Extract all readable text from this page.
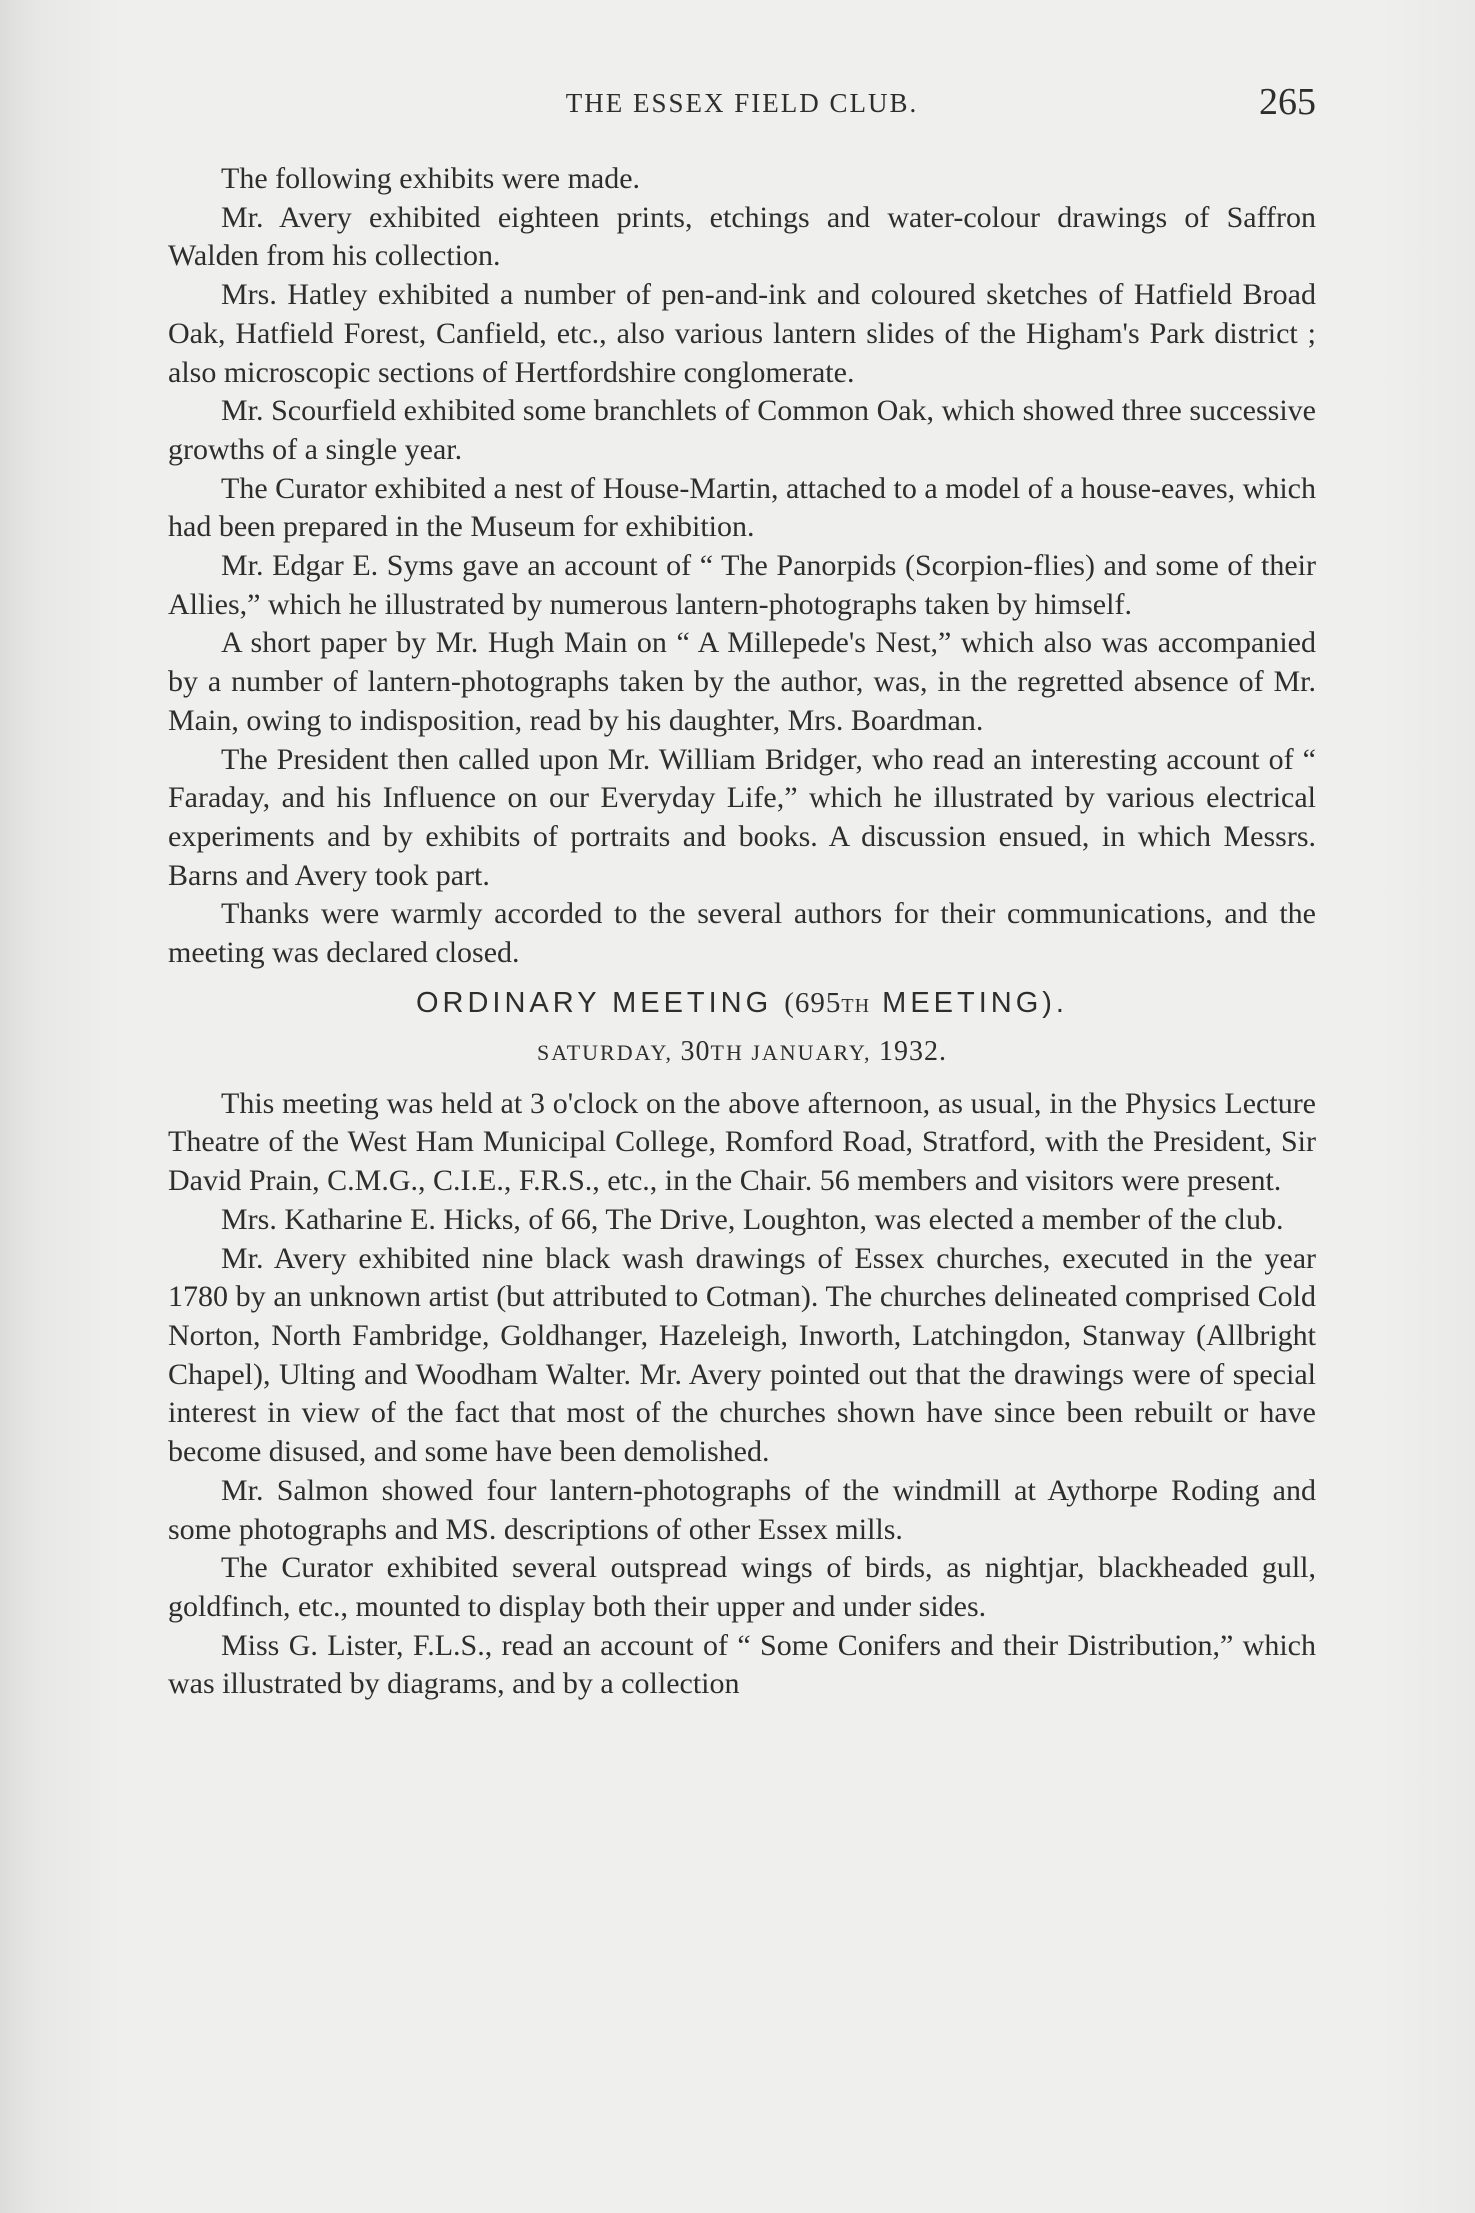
THE ESSEX FIELD CLUB.	265

The following exhibits were made.

Mr. Avery exhibited eighteen prints, etchings and water-colour drawings of Saffron Walden from his collection.

Mrs. Hatley exhibited a number of pen-and-ink and coloured sketches of Hatfield Broad Oak, Hatfield Forest, Canfield, etc., also various lantern slides of the Higham's Park district ; also microscopic sections of Hertfordshire conglomerate.

Mr. Scourfield exhibited some branchlets of Common Oak, which showed three successive growths of a single year.

The Curator exhibited a nest of House-Martin, attached to a model of a house-eaves, which had been prepared in the Museum for exhibition.

Mr. Edgar E. Syms gave an account of “ The Panorpids (Scorpion-flies) and some of their Allies,” which he illustrated by numerous lantern-photographs taken by himself.

A short paper by Mr. Hugh Main on “ A Millepede's Nest,” which also was accompanied by a number of lantern-photographs taken by the author, was, in the regretted absence of Mr. Main, owing to indisposition, read by his daughter, Mrs. Boardman.

The President then called upon Mr. William Bridger, who read an interesting account of “ Faraday, and his Influence on our Everyday Life,” which he illustrated by various electrical experiments and by exhibits of portraits and books. A discussion ensued, in which Messrs. Barns and Avery took part.

Thanks were warmly accorded to the several authors for their communications, and the meeting was declared closed.

ORDINARY MEETING (695TH MEETING).
SATURDAY, 30TH JANUARY, 1932.

This meeting was held at 3 o'clock on the above afternoon, as usual, in the Physics Lecture Theatre of the West Ham Municipal College, Romford Road, Stratford, with the President, Sir David Prain, C.M.G., C.I.E., F.R.S., etc., in the Chair. 56 members and visitors were present.

Mrs. Katharine E. Hicks, of 66, The Drive, Loughton, was elected a member of the club.

Mr. Avery exhibited nine black wash drawings of Essex churches, executed in the year 1780 by an unknown artist (but attributed to Cotman). The churches delineated comprised Cold Norton, North Fambridge, Goldhanger, Hazeleigh, Inworth, Latchingdon, Stanway (Allbright Chapel), Ulting and Woodham Walter. Mr. Avery pointed out that the drawings were of special interest in view of the fact that most of the churches shown have since been rebuilt or have become disused, and some have been demolished.

Mr. Salmon showed four lantern-photographs of the windmill at Aythorpe Roding and some photographs and MS. descriptions of other Essex mills.

The Curator exhibited several outspread wings of birds, as nightjar, blackheaded gull, goldfinch, etc., mounted to display both their upper and under sides.

Miss G. Lister, F.L.S., read an account of “ Some Conifers and their Distribution,” which was illustrated by diagrams, and by a collection
